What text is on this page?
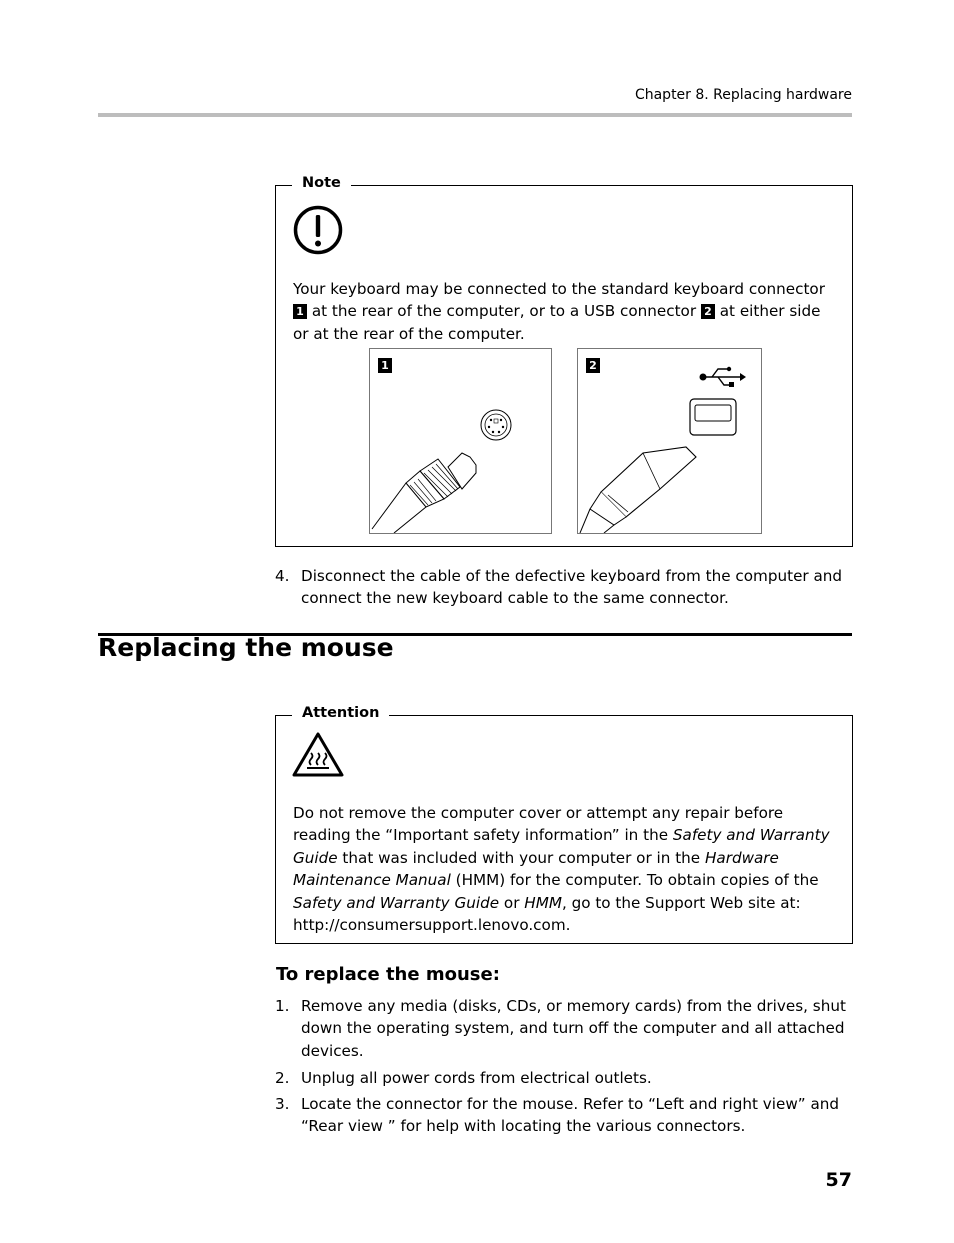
Chapter 8. Replacing hardware
Note
Your keyboard may be connected to the standard keyboard connector 1 at the rear of the computer, or to a USB connector 2 at either side or at the rear of the computer.
1	2
4. Disconnect the cable of the defective keyboard from the computer and connect the new keyboard cable to the same connector.
Replacing the mouse
Attention
Do not remove the computer cover or attempt any repair before reading the “Important safety information” in the Safety and Warranty Guide that was included with your computer or in the Hardware Maintenance Manual (HMM) for the computer. To obtain copies of the Safety and Warranty Guide or HMM, go to the Support Web site at: http://consumersupport.lenovo.com.
To replace the mouse:
1. Remove any media (disks, CDs, or memory cards) from the drives, shut down the operating system, and turn off the computer and all attached devices.
2. Unplug all power cords from electrical outlets.
3. Locate the connector for the mouse. Refer to “Left and right view” and “Rear view ” for help with locating the various connectors.
57
